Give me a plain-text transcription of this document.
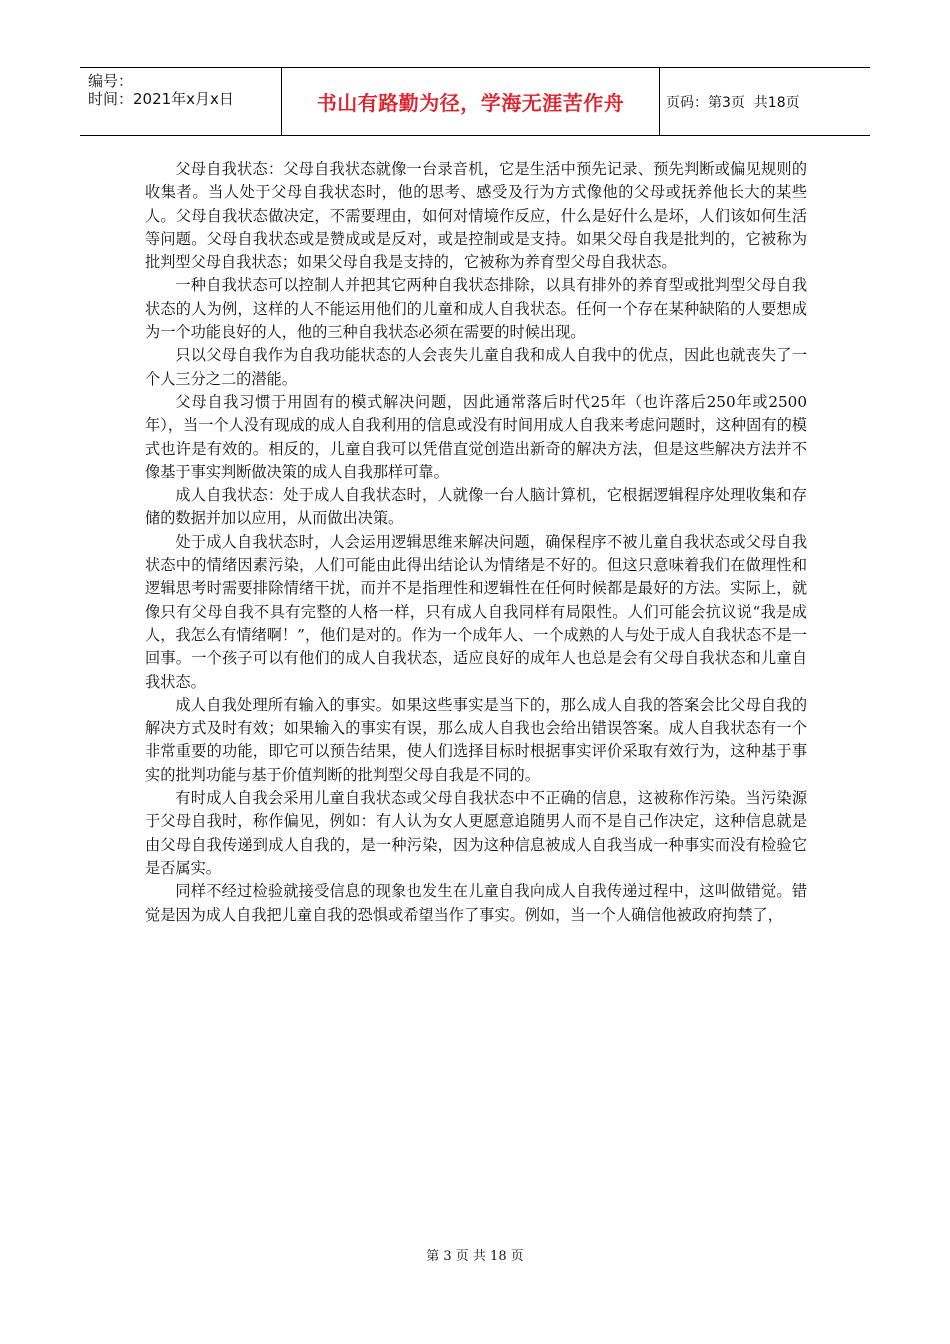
编号：
时间：2021年x月x日	书山有路勤为径，学海无涯苦作舟	页码：第3页  共18页

父母自我状态：父母自我状态就像一台录音机，它是生活中预先记录、预先判断或偏见规则的收集者。当人处于父母自我状态时，他的思考、感受及行为方式像他的父母或抚养他长大的某些人。父母自我状态做决定，不需要理由，如何对情境作反应，什么是好什么是坏，人们该如何生活等问题。父母自我状态或是赞成或是反对，或是控制或是支持。如果父母自我是批判的，它被称为批判型父母自我状态；如果父母自我是支持的，它被称为养育型父母自我状态。

一种自我状态可以控制人并把其它两种自我状态排除，以具有排外的养育型或批判型父母自我状态的人为例，这样的人不能运用他们的儿童和成人自我状态。任何一个存在某种缺陷的人要想成为一个功能良好的人，他的三种自我状态必须在需要的时候出现。

只以父母自我作为自我功能状态的人会丧失儿童自我和成人自我中的优点，因此也就丧失了一个人三分之二的潜能。

父母自我习惯于用固有的模式解决问题，因此通常落后时代25年（也许落后250年或2500年），当一个人没有现成的成人自我利用的信息或没有时间用成人自我来考虑问题时，这种固有的模式也许是有效的。相反的，儿童自我可以凭借直觉创造出新奇的解决方法，但是这些解决方法并不像基于事实判断做决策的成人自我那样可靠。

成人自我状态：处于成人自我状态时，人就像一台人脑计算机，它根据逻辑程序处理收集和存储的数据并加以应用，从而做出决策。

处于成人自我状态时，人会运用逻辑思维来解决问题，确保程序不被儿童自我状态或父母自我状态中的情绪因素污染，人们可能由此得出结论认为情绪是不好的。但这只意味着我们在做理性和逻辑思考时需要排除情绪干扰，而并不是指理性和逻辑性在任何时候都是最好的方法。实际上，就像只有父母自我不具有完整的人格一样，只有成人自我同样有局限性。人们可能会抗议说“我是成人，我怎么有情绪啊！”，他们是对的。作为一个成年人、一个成熟的人与处于成人自我状态不是一回事。一个孩子可以有他们的成人自我状态，适应良好的成年人也总是会有父母自我状态和儿童自我状态。

成人自我处理所有输入的事实。如果这些事实是当下的，那么成人自我的答案会比父母自我的解决方式及时有效；如果输入的事实有误，那么成人自我也会给出错误答案。成人自我状态有一个非常重要的功能，即它可以预告结果，使人们选择目标时根据事实评价采取有效行为，这种基于事实的批判功能与基于价值判断的批判型父母自我是不同的。

有时成人自我会采用儿童自我状态或父母自我状态中不正确的信息，这被称作污染。当污染源于父母自我时，称作偏见，例如：有人认为女人更愿意追随男人而不是自己作决定，这种信息就是由父母自我传递到成人自我的，是一种污染，因为这种信息被成人自我当成一种事实而没有检验它是否属实。

同样不经过检验就接受信息的现象也发生在儿童自我向成人自我传递过程中，这叫做错觉。错觉是因为成人自我把儿童自我的恐惧或希望当作了事实。例如，当一个人确信他被政府拘禁了，

第 3 页 共 18 页
